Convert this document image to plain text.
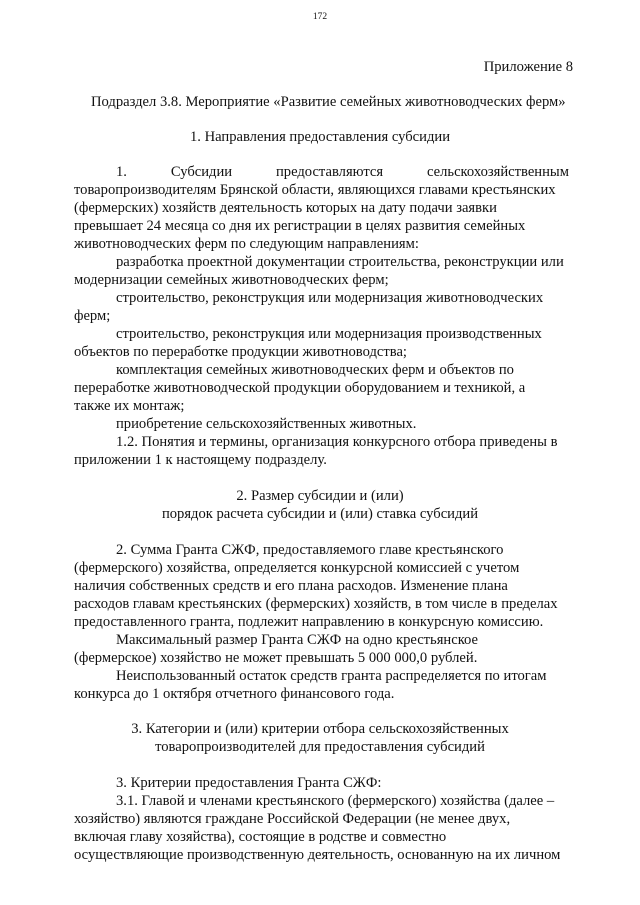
172
Приложение 8
Подраздел 3.8. Мероприятие «Развитие семейных животноводческих ферм»
1. Направления предоставления субсидии
1.	Субсидии	предоставляются	сельскохозяйственным
товаропроизводителям Брянской области, являющихся главами крестьянских
(фермерских) хозяйств деятельность которых на дату подачи заявки
превышает 24 месяца со дня их регистрации в целях развития семейных
животноводческих ферм по следующим направлениям:
разработка проектной документации строительства, реконструкции или
модернизации семейных животноводческих ферм;
строительство, реконструкция или модернизация животноводческих
ферм;
строительство, реконструкция или модернизация производственных
объектов по переработке продукции животноводства;
комплектация семейных животноводческих ферм и объектов по
переработке животноводческой продукции оборудованием и техникой, а
также их монтаж;
приобретение сельскохозяйственных животных.
1.2. Понятия и термины, организация конкурсного отбора приведены в
приложении 1 к настоящему подразделу.
2. Размер субсидии и (или)
порядок расчета субсидии и (или) ставка субсидий
2. Сумма Гранта СЖФ, предоставляемого главе крестьянского
(фермерского) хозяйства, определяется конкурсной комиссией с учетом
наличия собственных средств и его плана расходов. Изменение плана
расходов главам крестьянских (фермерских) хозяйств, в том числе в пределах
предоставленного гранта, подлежит направлению в конкурсную комиссию.
Максимальный размер Гранта СЖФ на одно крестьянское
(фермерское) хозяйство не может превышать 5 000 000,0 рублей.
Неиспользованный остаток средств гранта распределяется по итогам
конкурса до 1 октября отчетного финансового года.
3. Категории и (или) критерии отбора сельскохозяйственных
товаропроизводителей для предоставления субсидий
3. Критерии предоставления Гранта СЖФ:
3.1. Главой и членами крестьянского (фермерского) хозяйства (далее –
хозяйство) являются граждане Российской Федерации (не менее двух,
включая главу хозяйства), состоящие в родстве и совместно
осуществляющие производственную деятельность, основанную на их личном
